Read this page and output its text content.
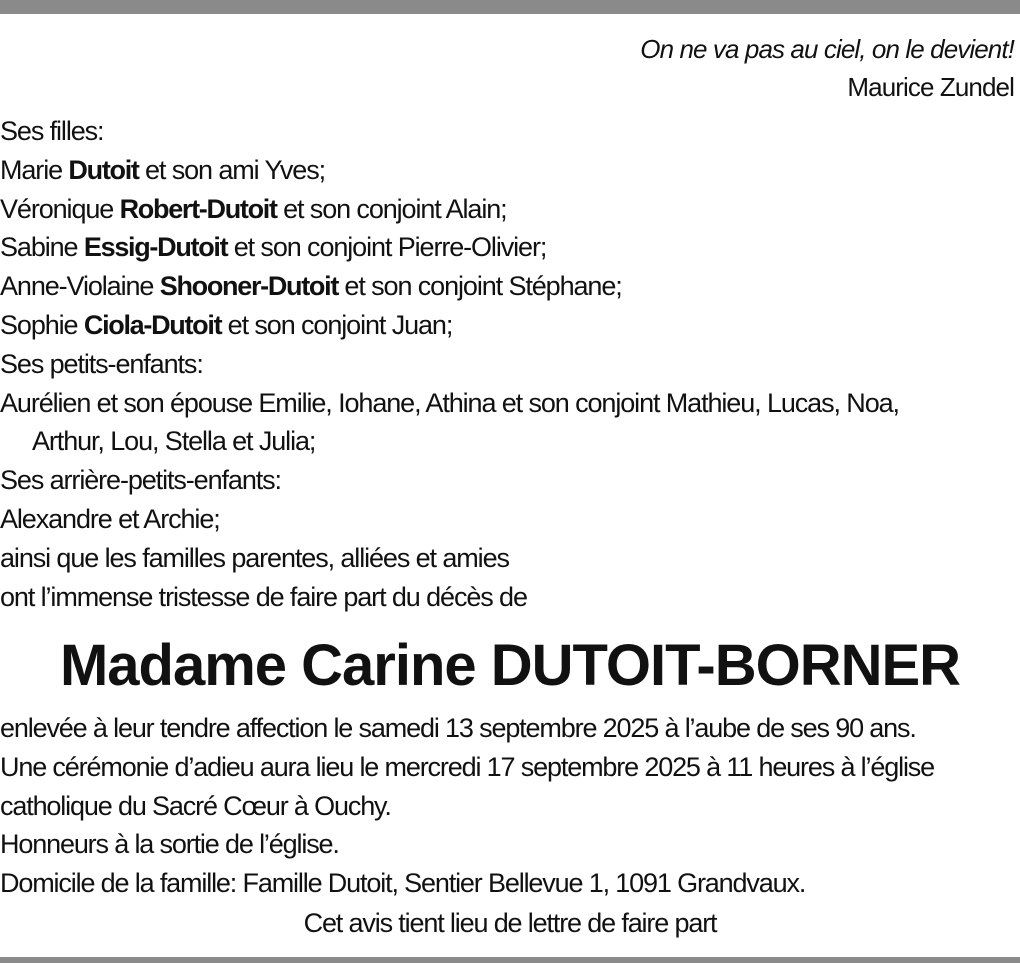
On ne va pas au ciel, on le devient!
Maurice Zundel
Ses filles:
Marie Dutoit et son ami Yves;
Véronique Robert-Dutoit et son conjoint Alain;
Sabine Essig-Dutoit et son conjoint Pierre-Olivier;
Anne-Violaine Shooner-Dutoit et son conjoint Stéphane;
Sophie Ciola-Dutoit et son conjoint Juan;
Ses petits-enfants:
Aurélien et son épouse Emilie, Iohane, Athina et son conjoint Mathieu, Lucas, Noa,
Arthur, Lou, Stella et Julia;
Ses arrière-petits-enfants:
Alexandre et Archie;
ainsi que les familles parentes, alliées et amies
ont l’immense tristesse de faire part du décès de
Madame Carine DUTOIT-BORNER
enlevée à leur tendre affection le samedi 13 septembre 2025 à l’aube de ses 90 ans.
Une cérémonie d’adieu aura lieu le mercredi 17 septembre 2025 à 11 heures à l’église
catholique du Sacré Cœur à Ouchy.
Honneurs à la sortie de l’église.
Domicile de la famille: Famille Dutoit, Sentier Bellevue 1, 1091 Grandvaux.
Cet avis tient lieu de lettre de faire part
